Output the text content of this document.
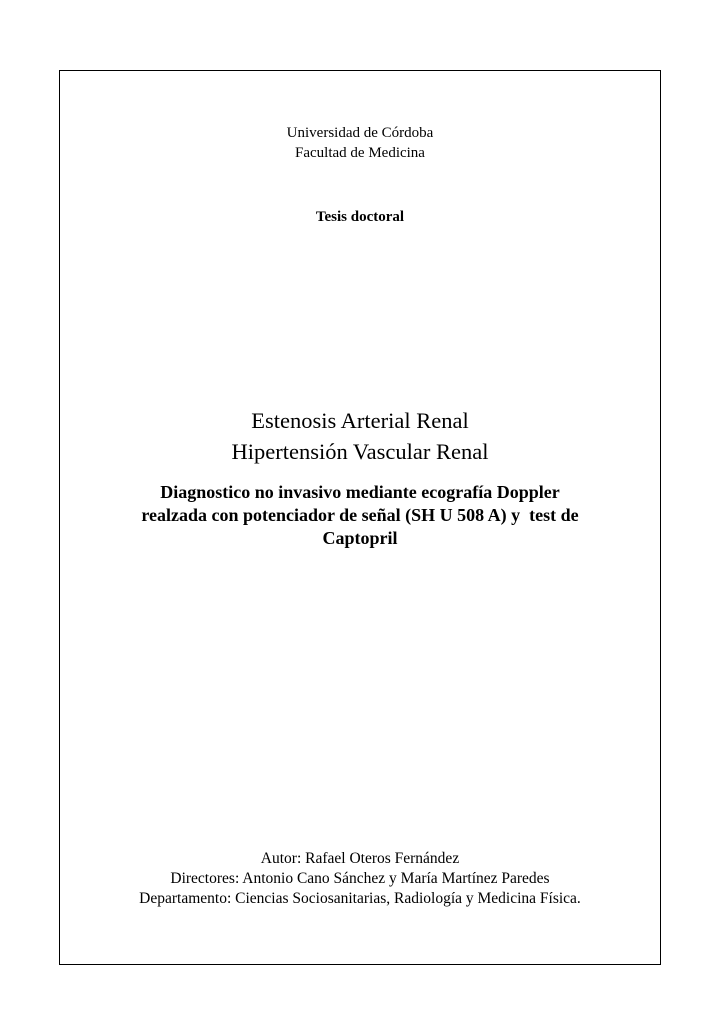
Universidad de Córdoba
Facultad de Medicina
Tesis doctoral
Estenosis Arterial Renal
Hipertensión Vascular Renal
Diagnostico no invasivo mediante ecografía Doppler
realzada con potenciador de señal (SH U 508 A) y  test de
Captopril
Autor: Rafael Oteros Fernández
Directores: Antonio Cano Sánchez y María Martínez Paredes
Departamento: Ciencias Sociosanitarias, Radiología y Medicina Física.
